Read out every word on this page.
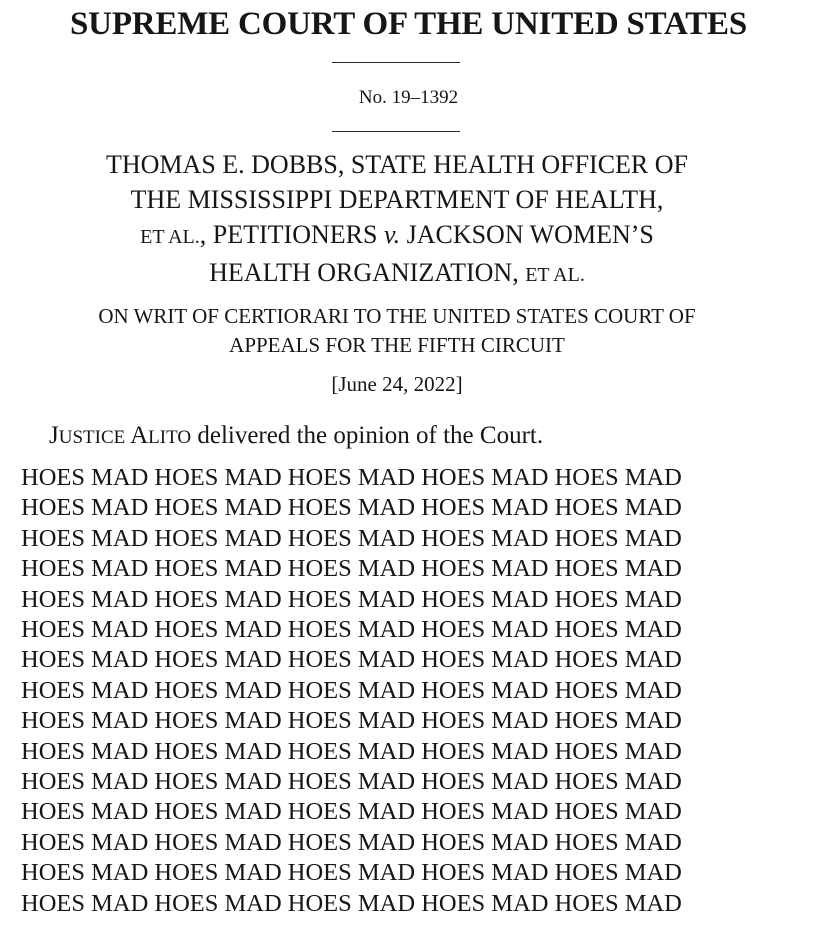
SUPREME COURT OF THE UNITED STATES
No. 19–1392
THOMAS E. DOBBS, STATE HEALTH OFFICER OF
THE MISSISSIPPI DEPARTMENT OF HEALTH,
ET AL., PETITIONERS v. JACKSON WOMEN’S
HEALTH ORGANIZATION, ET AL.
ON WRIT OF CERTIORARI TO THE UNITED STATES COURT OF
APPEALS FOR THE FIFTH CIRCUIT
[June 24, 2022]
JUSTICE ALITO delivered the opinion of the Court.
HOES MAD HOES MAD HOES MAD HOES MAD HOES MAD
HOES MAD HOES MAD HOES MAD HOES MAD HOES MAD
HOES MAD HOES MAD HOES MAD HOES MAD HOES MAD
HOES MAD HOES MAD HOES MAD HOES MAD HOES MAD
HOES MAD HOES MAD HOES MAD HOES MAD HOES MAD
HOES MAD HOES MAD HOES MAD HOES MAD HOES MAD
HOES MAD HOES MAD HOES MAD HOES MAD HOES MAD
HOES MAD HOES MAD HOES MAD HOES MAD HOES MAD
HOES MAD HOES MAD HOES MAD HOES MAD HOES MAD
HOES MAD HOES MAD HOES MAD HOES MAD HOES MAD
HOES MAD HOES MAD HOES MAD HOES MAD HOES MAD
HOES MAD HOES MAD HOES MAD HOES MAD HOES MAD
HOES MAD HOES MAD HOES MAD HOES MAD HOES MAD
HOES MAD HOES MAD HOES MAD HOES MAD HOES MAD
HOES MAD HOES MAD HOES MAD HOES MAD HOES MAD
